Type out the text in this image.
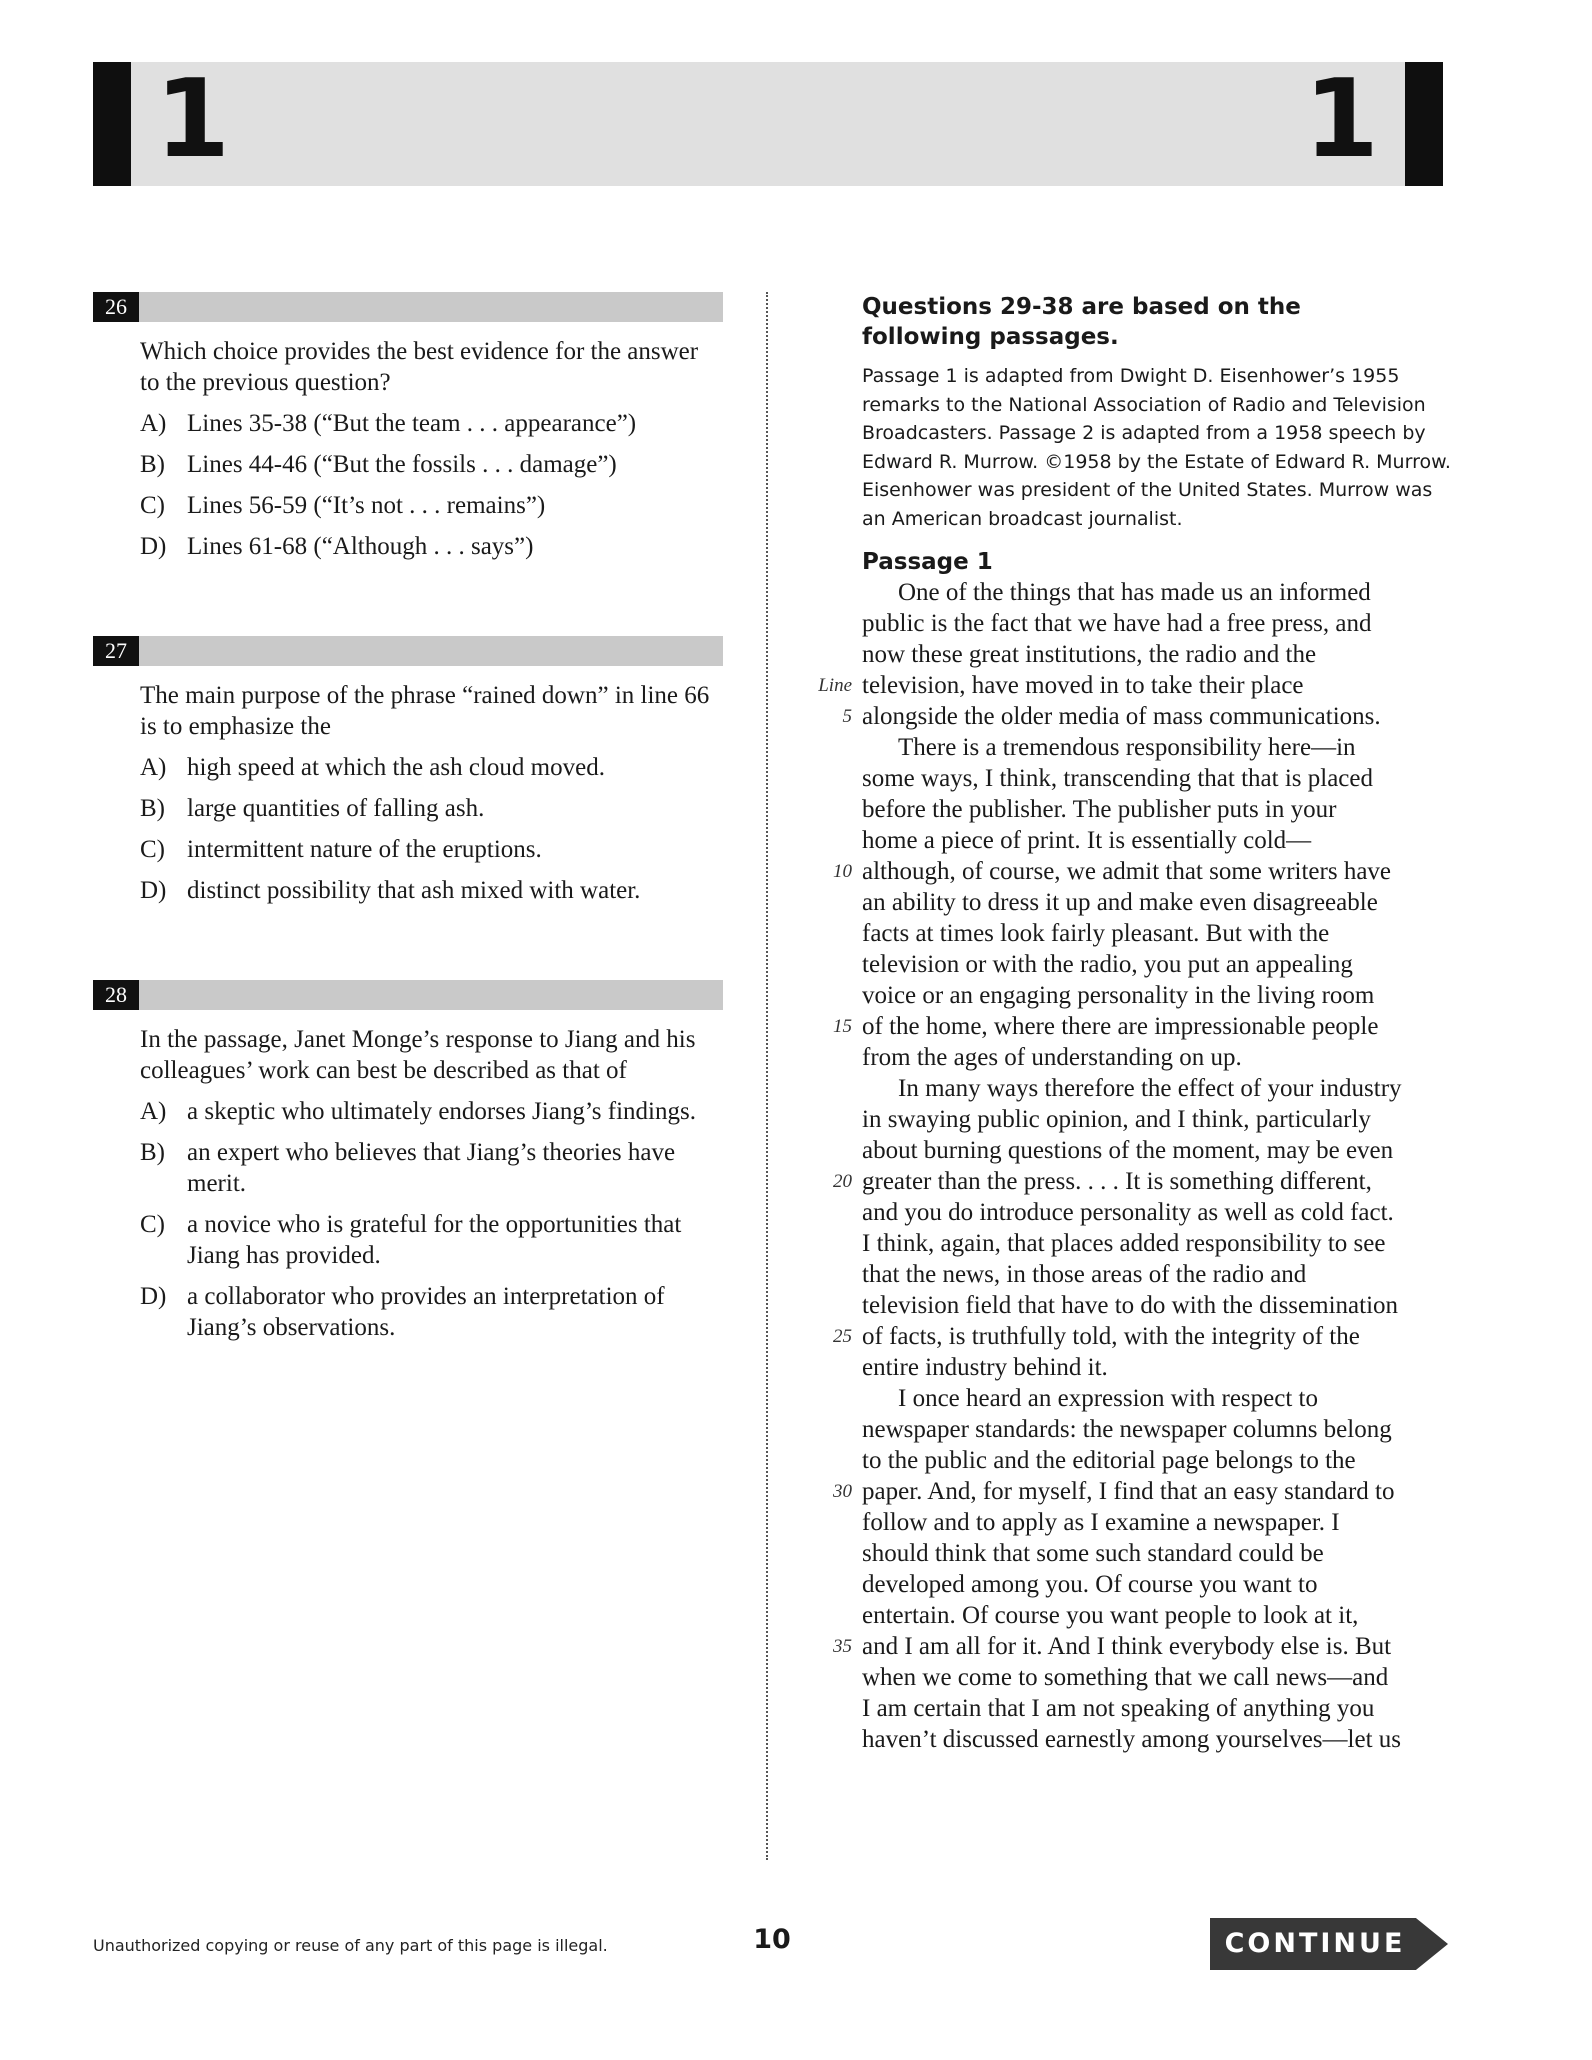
1	1
26
Which choice provides the best evidence for the answer to the previous question?
A) Lines 35-38 (“But the team . . . appearance”)
B) Lines 44-46 (“But the fossils . . . damage”)
C) Lines 56-59 (“It’s not . . . remains”)
D) Lines 61-68 (“Although . . . says”)
27
The main purpose of the phrase “rained down” in line 66 is to emphasize the
A) high speed at which the ash cloud moved.
B) large quantities of falling ash.
C) intermittent nature of the eruptions.
D) distinct possibility that ash mixed with water.
28
In the passage, Janet Monge’s response to Jiang and his colleagues’ work can best be described as that of
A) a skeptic who ultimately endorses Jiang’s findings.
B) an expert who believes that Jiang’s theories have merit.
C) a novice who is grateful for the opportunities that Jiang has provided.
D) a collaborator who provides an interpretation of Jiang’s observations.
Questions 29-38 are based on the following passages.

Passage 1 is adapted from Dwight D. Eisenhower’s 1955 remarks to the National Association of Radio and Television Broadcasters. Passage 2 is adapted from a 1958 speech by Edward R. Murrow. ©1958 by the Estate of Edward R. Murrow. Eisenhower was president of the United States. Murrow was an American broadcast journalist.

Passage 1
One of the things that has made us an informed
public is the fact that we have had a free press, and
now these great institutions, the radio and the
Line television, have moved in to take their place
5 alongside the older media of mass communications.
There is a tremendous responsibility here—in
some ways, I think, transcending that that is placed
before the publisher. The publisher puts in your
home a piece of print. It is essentially cold—
10 although, of course, we admit that some writers have
an ability to dress it up and make even disagreeable
facts at times look fairly pleasant. But with the
television or with the radio, you put an appealing
voice or an engaging personality in the living room
15 of the home, where there are impressionable people
from the ages of understanding on up.
In many ways therefore the effect of your industry
in swaying public opinion, and I think, particularly
about burning questions of the moment, may be even
20 greater than the press. . . . It is something different,
and you do introduce personality as well as cold fact.
I think, again, that places added responsibility to see
that the news, in those areas of the radio and
television field that have to do with the dissemination
25 of facts, is truthfully told, with the integrity of the
entire industry behind it.
I once heard an expression with respect to
newspaper standards: the newspaper columns belong
to the public and the editorial page belongs to the
30 paper. And, for myself, I find that an easy standard to
follow and to apply as I examine a newspaper. I
should think that some such standard could be
developed among you. Of course you want to
entertain. Of course you want people to look at it,
35 and I am all for it. And I think everybody else is. But
when we come to something that we call news—and
I am certain that I am not speaking of anything you
haven’t discussed earnestly among yourselves—let us
Unauthorized copying or reuse of any part of this page is illegal.	10	CONTINUE
